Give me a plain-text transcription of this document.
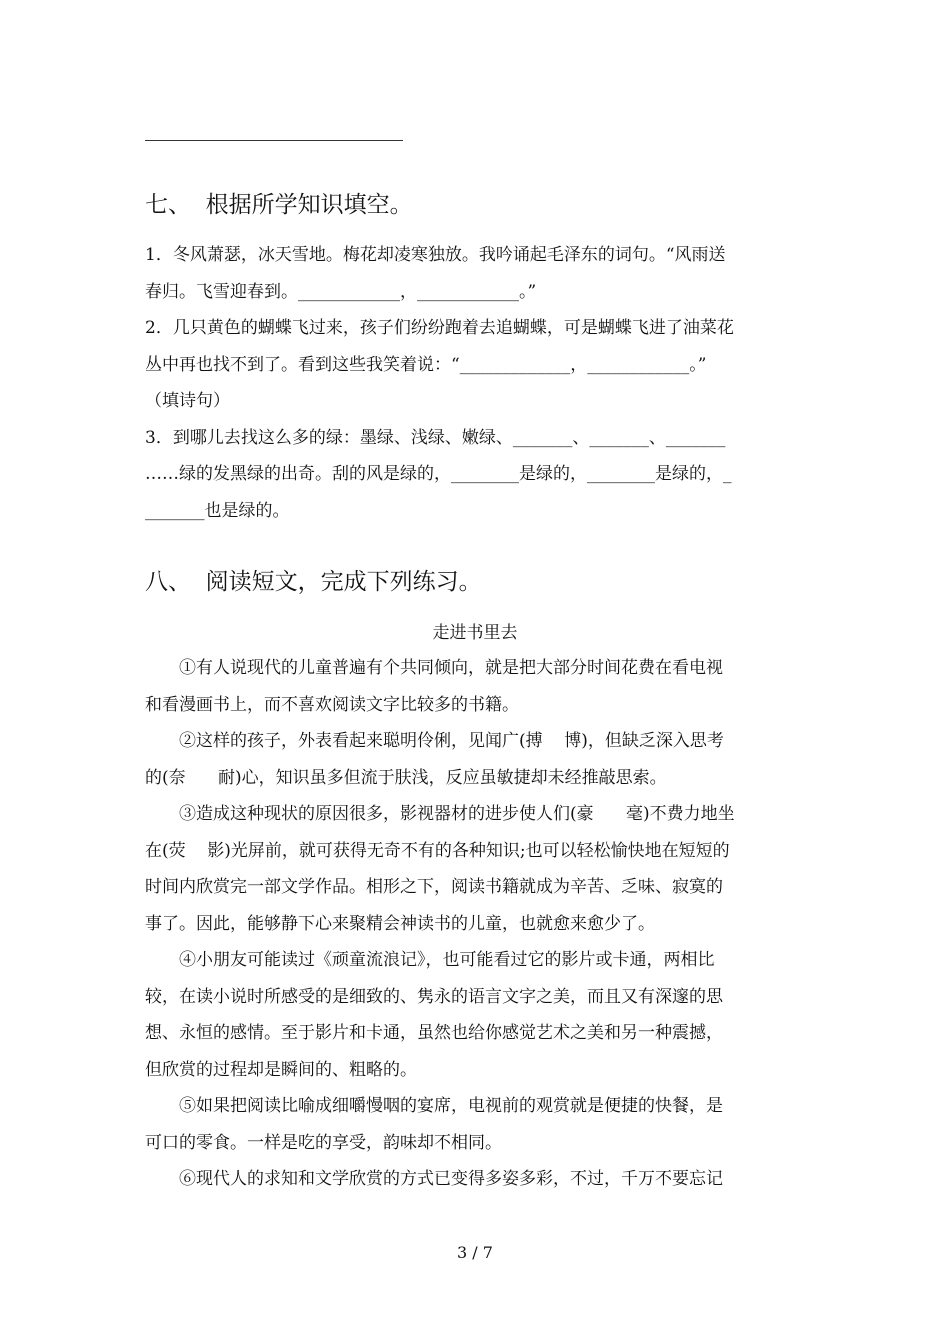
七、  根据所学知识填空。
1．冬风萧瑟，冰天雪地。梅花却凌寒独放。我吟诵起毛泽东的词句。“风雨送
春归。飞雪迎春到。____________，____________。”
2．几只黄色的蝴蝶飞过来，孩子们纷纷跑着去追蝴蝶，可是蝴蝶飞进了油菜花
丛中再也找不到了。看到这些我笑着说：“_____________，____________。”
（填诗句）
3．到哪儿去找这么多的绿：墨绿、浅绿、嫩绿、_______、_______、_______
……绿的发黑绿的出奇。刮的风是绿的，________是绿的，________是绿的，_
_______也是绿的。
八、  阅读短文，完成下列练习。
走进书里去
①有人说现代的儿童普遍有个共同倾向，就是把大部分时间花费在看电视
和看漫画书上，而不喜欢阅读文字比较多的书籍。
②这样的孩子，外表看起来聪明伶俐，见闻广(搏    博)，但缺乏深入思考
的(奈      耐)心，知识虽多但流于肤浅，反应虽敏捷却未经推敲思索。
③造成这种现状的原因很多，影视器材的进步使人们(豪      毫)不费力地坐
在(荧    影)光屏前，就可获得无奇不有的各种知识;也可以轻松愉快地在短短的
时间内欣赏完一部文学作品。相形之下，阅读书籍就成为辛苦、乏味、寂寞的
事了。因此，能够静下心来聚精会神读书的儿童，也就愈来愈少了。
④小朋友可能读过《顽童流浪记》，也可能看过它的影片或卡通，两相比
较，在读小说时所感受的是细致的、隽永的语言文字之美，而且又有深邃的思
想、永恒的感情。至于影片和卡通，虽然也给你感觉艺术之美和另一种震撼，
但欣赏的过程却是瞬间的、粗略的。
⑤如果把阅读比喻成细嚼慢咽的宴席，电视前的观赏就是便捷的快餐，是
可口的零食。一样是吃的享受，韵味却不相同。
⑥现代人的求知和文学欣赏的方式已变得多姿多彩，不过，千万不要忘记
3 / 7
